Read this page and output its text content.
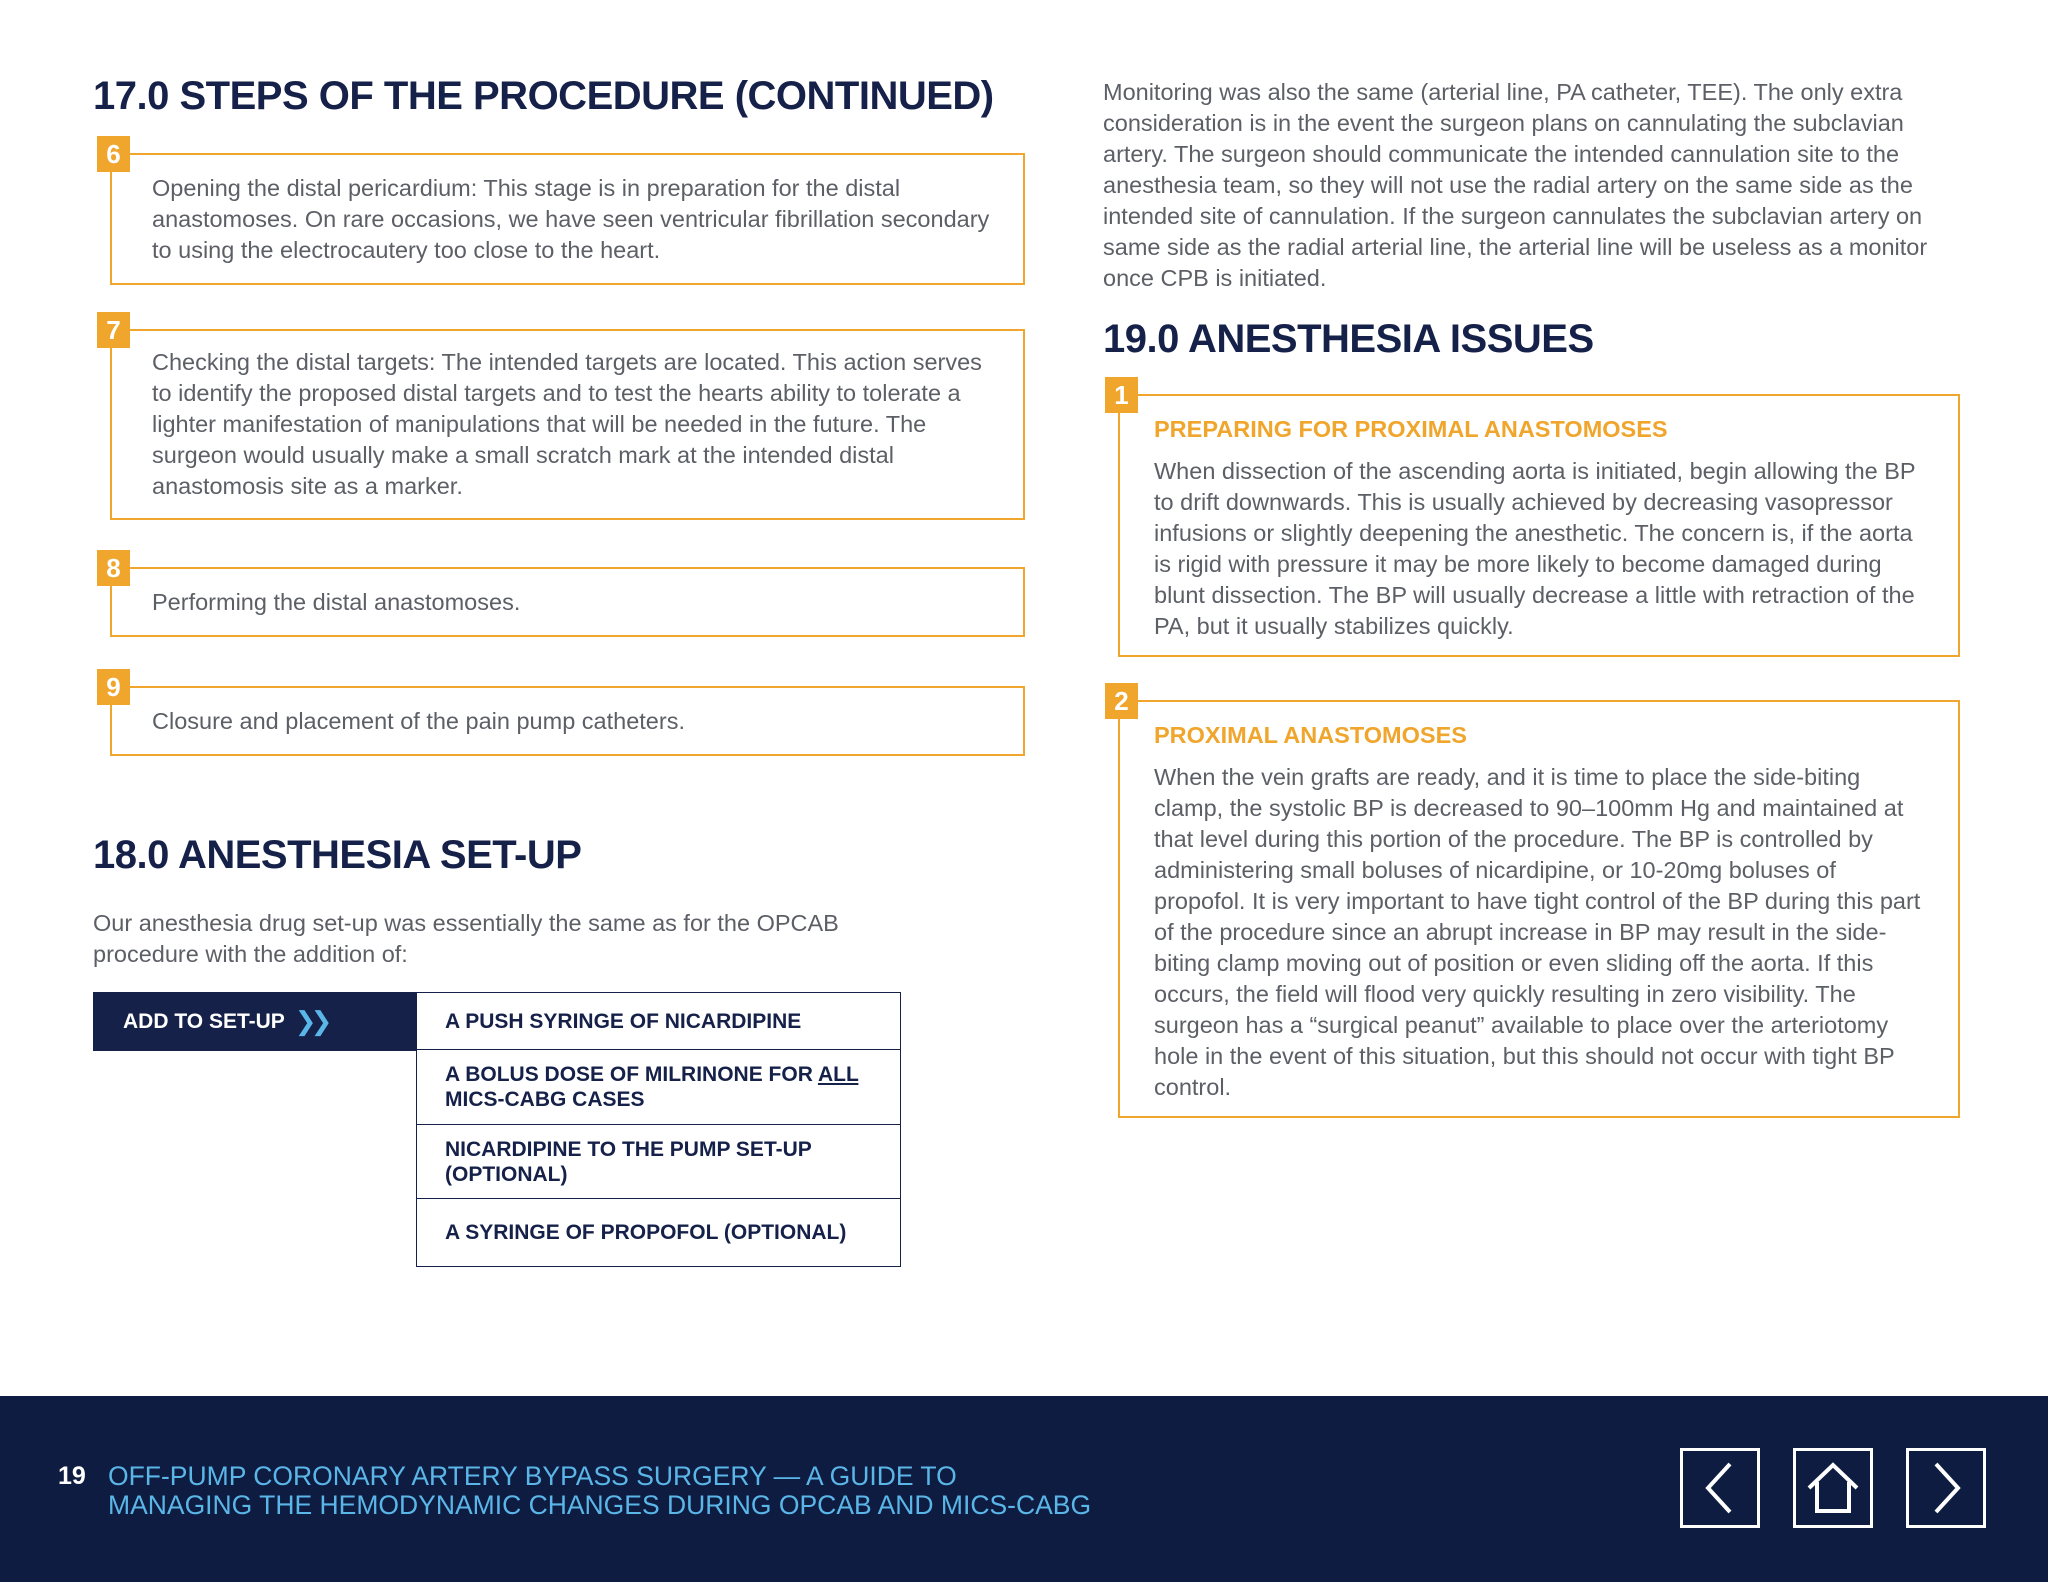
17.0 STEPS OF THE PROCEDURE (CONTINUED)
6
Opening the distal pericardium: This stage is in preparation for the distal anastomoses. On rare occasions, we have seen ventricular fibrillation secondary to using the electrocautery too close to the heart.
7
Checking the distal targets: The intended targets are located. This action serves to identify the proposed distal targets and to test the hearts ability to tolerate a lighter manifestation of manipulations that will be needed in the future. The surgeon would usually make a small scratch mark at the intended distal anastomosis site as a marker.
8
Performing the distal anastomoses.
9
Closure and placement of the pain pump catheters.
18.0 ANESTHESIA SET-UP
Our anesthesia drug set-up was essentially the same as for the OPCAB procedure with the addition of:
ADD TO SET-UP ❯❯	A PUSH SYRINGE OF NICARDIPINE
A BOLUS DOSE OF MILRINONE FOR ALL MICS-CABG CASES
NICARDIPINE TO THE PUMP SET-UP (OPTIONAL)
A SYRINGE OF PROPOFOL (OPTIONAL)
Monitoring was also the same (arterial line, PA catheter, TEE). The only extra consideration is in the event the surgeon plans on cannulating the subclavian artery. The surgeon should communicate the intended cannulation site to the anesthesia team, so they will not use the radial artery on the same side as the intended site of cannulation. If the surgeon cannulates the subclavian artery on same side as the radial arterial line, the arterial line will be useless as a monitor once CPB is initiated.
19.0 ANESTHESIA ISSUES
1
PREPARING FOR PROXIMAL ANASTOMOSES
When dissection of the ascending aorta is initiated, begin allowing the BP to drift downwards. This is usually achieved by decreasing vasopressor infusions or slightly deepening the anesthetic. The concern is, if the aorta is rigid with pressure it may be more likely to become damaged during blunt dissection. The BP will usually decrease a little with retraction of the PA, but it usually stabilizes quickly.
2
PROXIMAL ANASTOMOSES
When the vein grafts are ready, and it is time to place the side-biting clamp, the systolic BP is decreased to 90–100mm Hg and maintained at that level during this portion of the procedure. The BP is controlled by administering small boluses of nicardipine, or 10-20mg boluses of propofol. It is very important to have tight control of the BP during this part of the procedure since an abrupt increase in BP may result in the side-biting clamp moving out of position or even sliding off the aorta. If this occurs, the field will flood very quickly resulting in zero visibility. The surgeon has a “surgical peanut” available to place over the arteriotomy hole in the event of this situation, but this should not occur with tight BP control.
19 OFF-PUMP CORONARY ARTERY BYPASS SURGERY — A GUIDE TO MANAGING THE HEMODYNAMIC CHANGES DURING OPCAB AND MICS-CABG
